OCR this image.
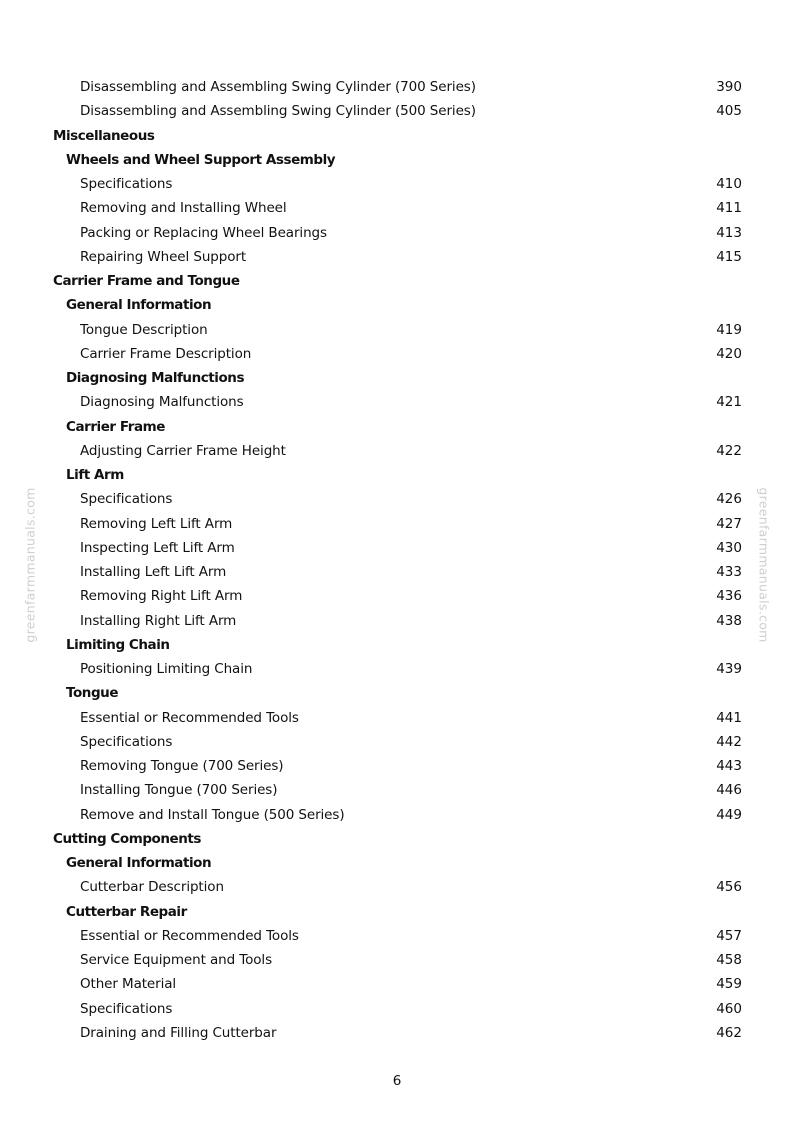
Disassembling and Assembling Swing Cylinder (700 Series)	390
Disassembling and Assembling Swing Cylinder (500 Series)	405
Miscellaneous
Wheels and Wheel Support Assembly
Specifications	410
Removing and Installing Wheel	411
Packing or Replacing Wheel Bearings	413
Repairing Wheel Support	415
Carrier Frame and Tongue
General Information
Tongue Description	419
Carrier Frame Description	420
Diagnosing Malfunctions
Diagnosing Malfunctions	421
Carrier Frame
Adjusting Carrier Frame Height	422
Lift Arm
Specifications	426
Removing Left Lift Arm	427
Inspecting Left Lift Arm	430
Installing Left Lift Arm	433
Removing Right Lift Arm	436
Installing Right Lift Arm	438
Limiting Chain
Positioning Limiting Chain	439
Tongue
Essential or Recommended Tools	441
Specifications	442
Removing Tongue (700 Series)	443
Installing Tongue (700 Series)	446
Remove and Install Tongue (500 Series)	449
Cutting Components
General Information
Cutterbar Description	456
Cutterbar Repair
Essential or Recommended Tools	457
Service Equipment and Tools	458
Other Material	459
Specifications	460
Draining and Filling Cutterbar	462
greenfarmmanuals.com	greenfarmmanuals.com
6
